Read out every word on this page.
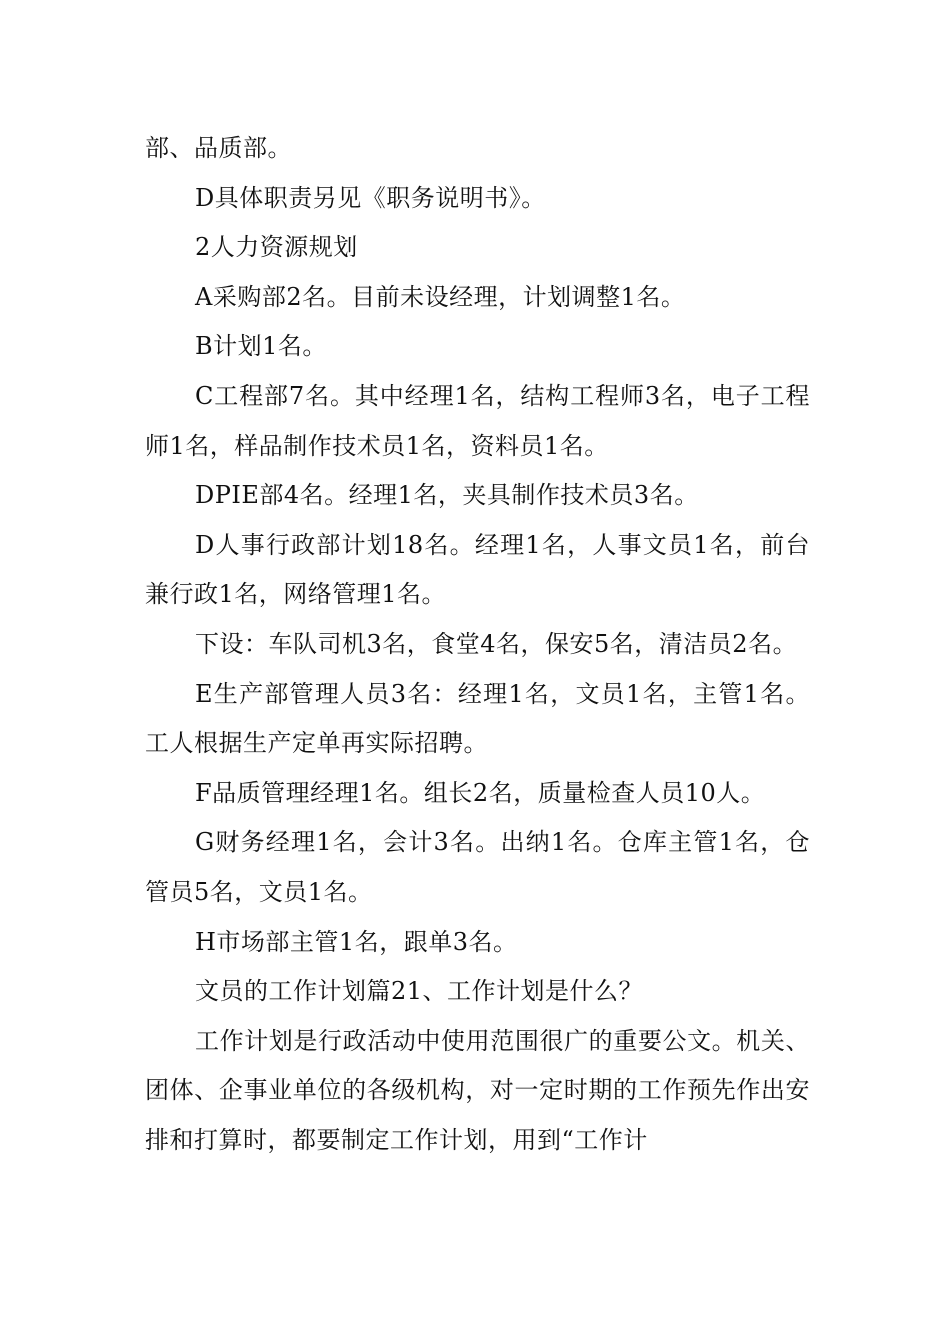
部、品质部。

D具体职责另见《职务说明书》。

2人力资源规划

A采购部2名。目前未设经理，计划调整1名。

B计划1名。

C工程部7名。其中经理1名，结构工程师3名，电子工程师1名，样品制作技术员1名，资料员1名。

DPIE部4名。经理1名，夹具制作技术员3名。

D人事行政部计划18名。经理1名，人事文员1名，前台兼行政1名，网络管理1名。

下设：车队司机3名，食堂4名，保安5名，清洁员2名。

E生产部管理人员3名：经理1名，文员1名，主管1名。工人根据生产定单再实际招聘。

F品质管理经理1名。组长2名，质量检查人员10人。

G财务经理1名，会计3名。出纳1名。仓库主管1名，仓管员5名，文员1名。

H市场部主管1名，跟单3名。

文员的工作计划篇21、工作计划是什么？

工作计划是行政活动中使用范围很广的重要公文。机关、团体、企事业单位的各级机构，对一定时期的工作预先作出安排和打算时，都要制定工作计划，用到“工作计
